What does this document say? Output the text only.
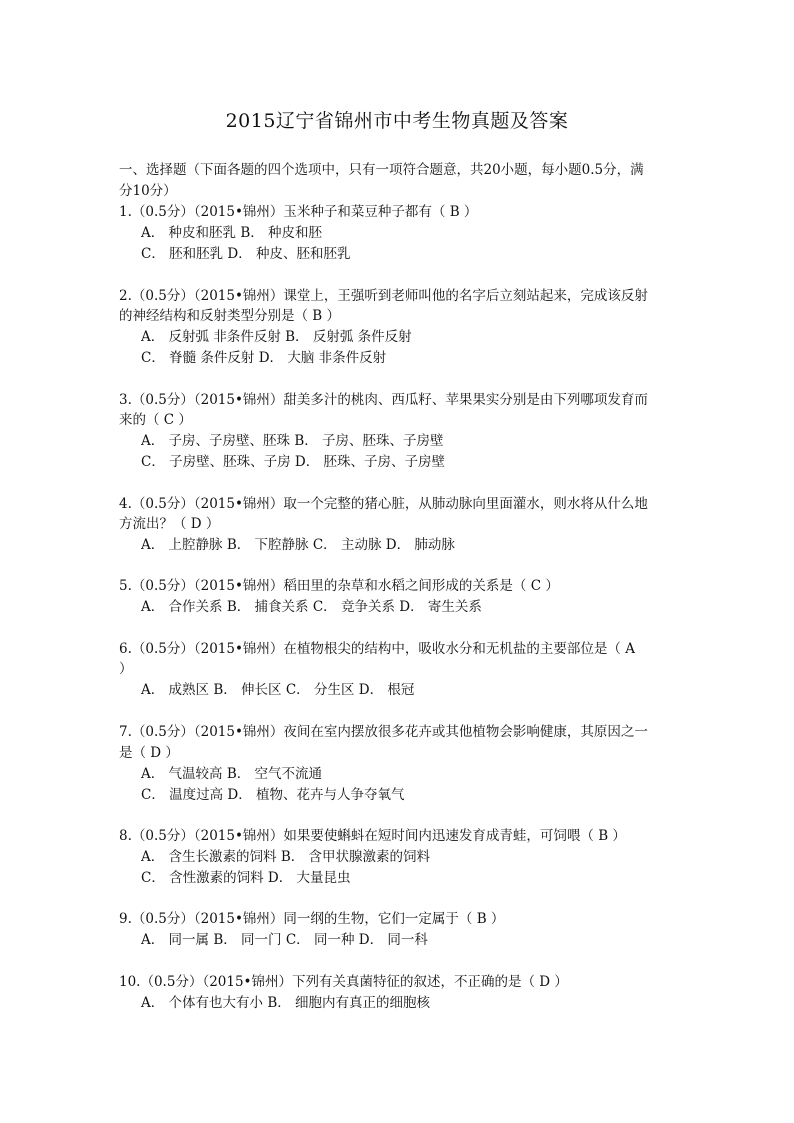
2015辽宁省锦州市中考生物真题及答案
一、选择题（下面各题的四个选项中，只有一项符合题意，共20小题，每小题0.5分，满
分10分）
1.（0.5分）（2015•锦州）玉米种子和菜豆种子都有（ B ）
A． 种皮和胚乳 B． 种皮和胚
C． 胚和胚乳 D． 种皮、胚和胚乳
2.（0.5分）（2015•锦州）课堂上，王强听到老师叫他的名字后立刻站起来，完成该反射
的神经结构和反射类型分别是（ B ）
A． 反射弧 非条件反射 B． 反射弧 条件反射
C． 脊髓 条件反射 D． 大脑 非条件反射
3.（0.5分）（2015•锦州）甜美多汁的桃肉、西瓜籽、苹果果实分别是由下列哪项发育而
来的（ C ）
A． 子房、子房壁、胚珠 B． 子房、胚珠、子房壁
C． 子房壁、胚珠、子房 D． 胚珠、子房、子房壁
4.（0.5分）（2015•锦州）取一个完整的猪心脏，从肺动脉向里面灌水，则水将从什么地
方流出？（ D ）
A． 上腔静脉 B． 下腔静脉 C． 主动脉 D． 肺动脉
5.（0.5分）（2015•锦州）稻田里的杂草和水稻之间形成的关系是（ C ）
A． 合作关系 B． 捕食关系 C． 竞争关系 D． 寄生关系
6.（0.5分）（2015•锦州）在植物根尖的结构中，吸收水分和无机盐的主要部位是（ A
）
A． 成熟区 B． 伸长区 C． 分生区 D． 根冠
7.（0.5分）（2015•锦州）夜间在室内摆放很多花卉或其他植物会影响健康，其原因之一
是（ D ）
A． 气温较高 B． 空气不流通
C． 温度过高 D． 植物、花卉与人争夺氧气
8.（0.5分）（2015•锦州）如果要使蝌蚪在短时间内迅速发育成青蛙，可饲喂（ B ）
A． 含生长激素的饲料 B． 含甲状腺激素的饲料
C． 含性激素的饲料 D． 大量昆虫
9.（0.5分）（2015•锦州）同一纲的生物，它们一定属于（ B ）
A． 同一属 B． 同一门 C． 同一种 D． 同一科
10.（0.5分）（2015•锦州）下列有关真菌特征的叙述，不正确的是（ D ）
A． 个体有也大有小 B． 细胞内有真正的细胞核
